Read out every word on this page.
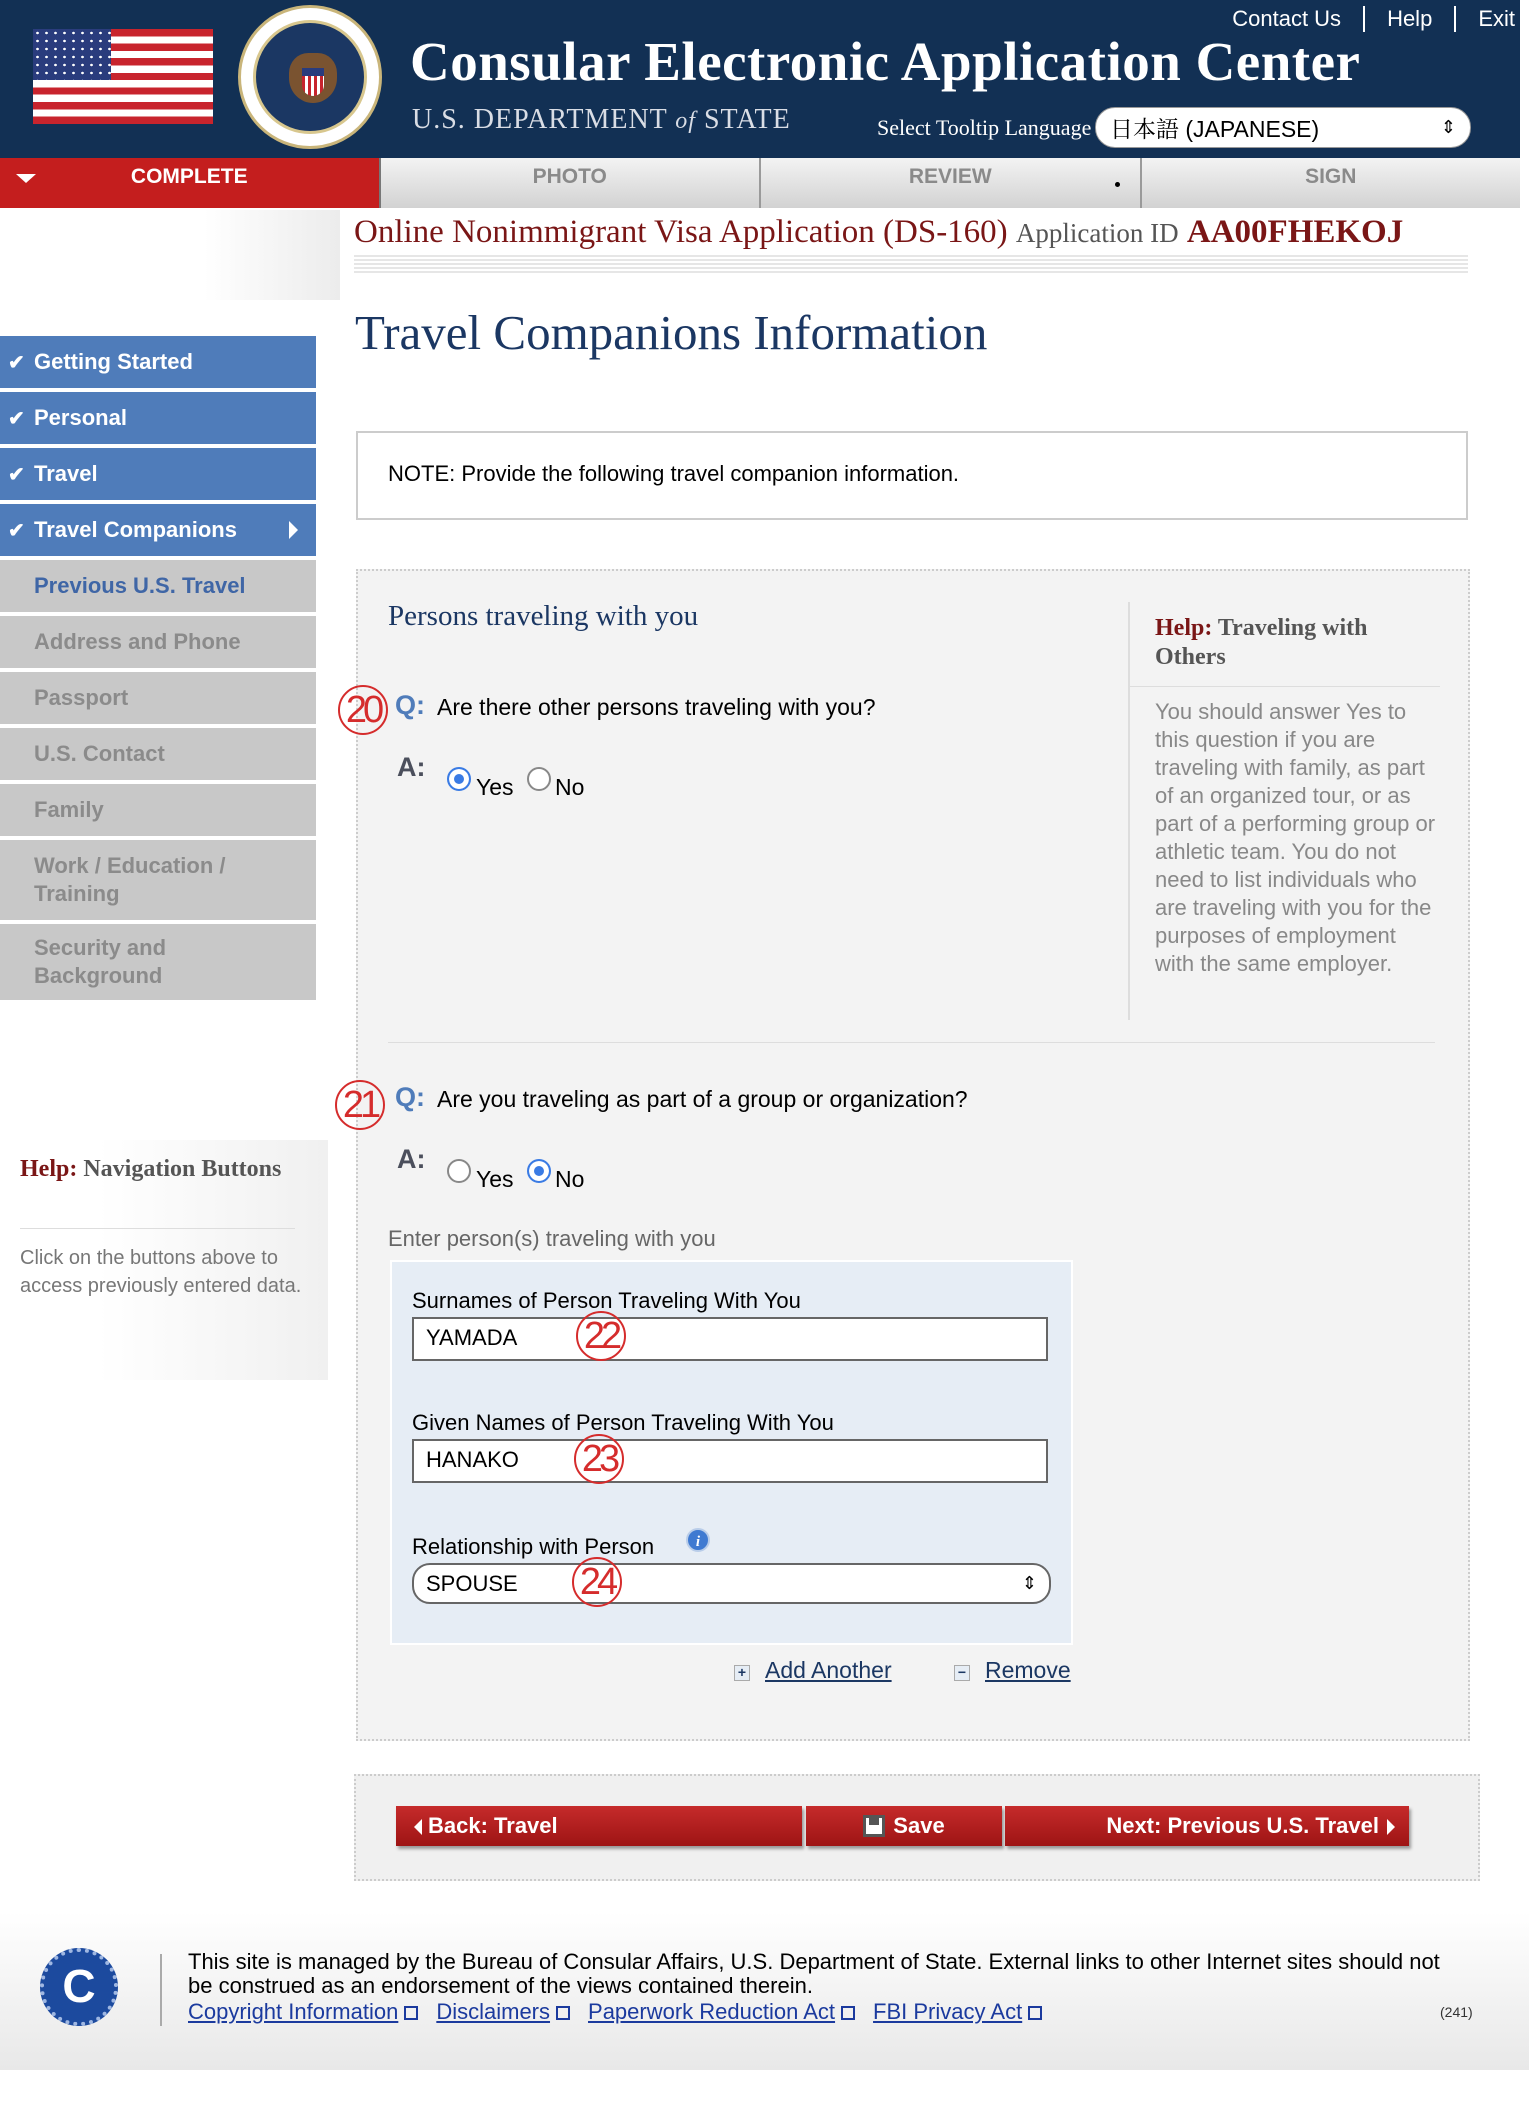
Consular Electronic Application Center
U.S. DEPARTMENT of STATE
Contact Us Help Exit
Select Tooltip Language 日本語 (JAPANESE)	⇕
COMPLETE	PHOTO	REVIEW	SIGN
Online Nonimmigrant Visa Application (DS-160) Application ID AA00FHEKOJ
✔ Getting Started
✔ Personal
✔ Travel
✔ Travel Companions
Previous U.S. Travel
Address and Phone
Passport
U.S. Contact
Family
Work / Education / Training
Security and Background
Help: Navigation Buttons

Click on the buttons above to access previously entered data.

Travel Companions Information
NOTE: Provide the following travel companion information.
Persons traveling with you
20 Q: Are there other persons traveling with you?
A:
Yes No
Help: Traveling with Others

You should answer Yes to this question if you are traveling with family, as part of an organized tour, or as part of a performing group or athletic team. You do not need to list individuals who are traveling with you for the purposes of employment with the same employer.

21 Q: Are you traveling as part of a group or organization?
A:
Yes No
Enter person(s) traveling with you
Surnames of Person Traveling With You
YAMADA	22
Given Names of Person Traveling With You
HANAKO	23
Relationship with Person	i
SPOUSE	⇕
24
+ Add Another	− Remove
Back: Travel	Save	Next: Previous U.S. Travel
C	This site is managed by the Bureau of Consular Affairs, U.S. Department of State. External links to other Internet sites should not be construed as an endorsement of the views contained therein.
Copyright Information	Disclaimers	Paperwork Reduction Act	FBI Privacy Act	(241)
